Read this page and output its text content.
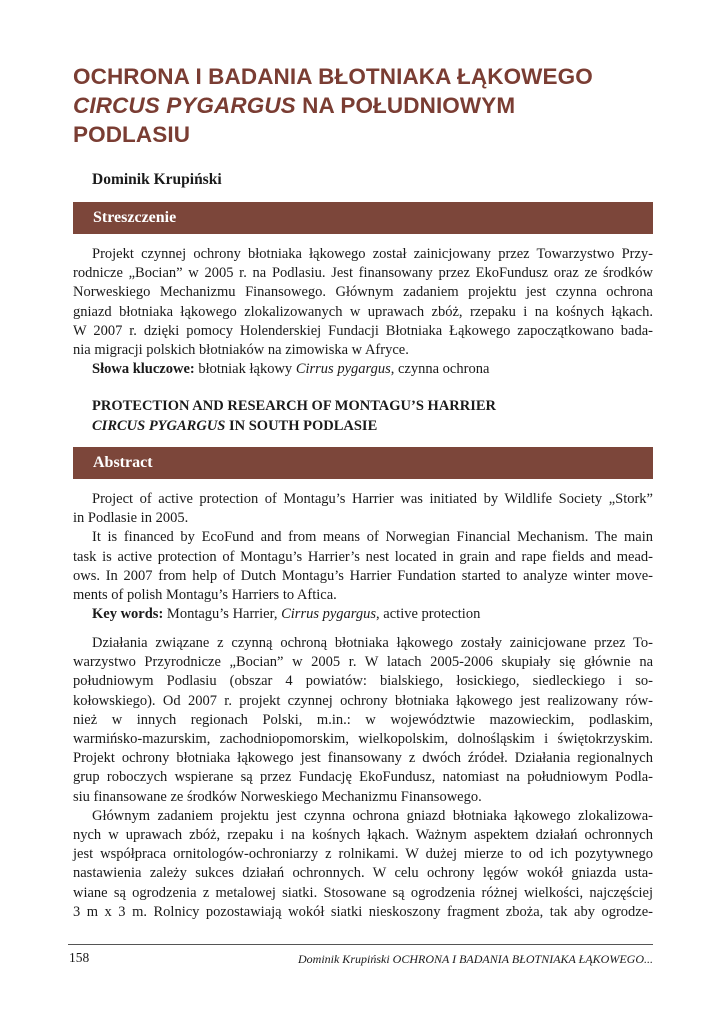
OCHRONA I BADANIA BŁOTNIAKA ŁĄKOWEGO
CIRCUS PYGARGUS NA POŁUDNIOWYM
PODLASIU
Dominik Krupiński
Streszczenie
Projekt czynnej ochrony błotniaka łąkowego został zainicjowany przez Towarzystwo Przy-
rodnicze „Bocian” w 2005 r. na Podlasiu. Jest finansowany przez EkoFundusz oraz ze środków
Norweskiego Mechanizmu Finansowego. Głównym zadaniem projektu jest czynna ochrona
gniazd błotniaka łąkowego zlokalizowanych w uprawach zbóż, rzepaku i na kośnych łąkach.
W 2007 r. dzięki pomocy Holenderskiej Fundacji Błotniaka Łąkowego zapoczątkowano bada-
nia migracji polskich błotniaków na zimowiska w Afryce.
Słowa kluczowe: błotniak łąkowy Cirrus pygargus, czynna ochrona
PROTECTION AND RESEARCH OF MONTAGU’S HARRIER
CIRCUS PYGARGUS IN SOUTH PODLASIE
Abstract
Project of active protection of Montagu’s Harrier was initiated by Wildlife Society „Stork”
in Podlasie in 2005.
It is financed by EcoFund and from means of Norwegian Financial Mechanism. The main
task is active protection of Montagu’s Harrier’s nest located in grain and rape fields and mead-
ows. In 2007 from help of Dutch Montagu’s Harrier Fundation started to analyze winter move-
ments of polish Montagu’s Harriers to Aftica.
Key words: Montagu’s Harrier, Cirrus pygargus, active protection
Działania związane z czynną ochroną błotniaka łąkowego zostały zainicjowane przez To-
warzystwo Przyrodnicze „Bocian” w 2005 r. W latach 2005-2006 skupiały się głównie na
południowym Podlasiu (obszar 4 powiatów: bialskiego, łosickiego, siedleckiego i so-
kołowskiego). Od 2007 r. projekt czynnej ochrony błotniaka łąkowego jest realizowany rów-
nież w innych regionach Polski, m.in.: w województwie mazowieckim, podlaskim,
warmińsko-mazurskim, zachodniopomorskim, wielkopolskim, dolnośląskim i świętokrzyskim.
Projekt ochrony błotniaka łąkowego jest finansowany z dwóch źródeł. Działania regionalnych
grup roboczych wspierane są przez Fundację EkoFundusz, natomiast na południowym Podla-
siu finansowane ze środków Norweskiego Mechanizmu Finansowego.
Głównym zadaniem projektu jest czynna ochrona gniazd błotniaka łąkowego zlokalizowa-
nych w uprawach zbóż, rzepaku i na kośnych łąkach. Ważnym aspektem działań ochronnych
jest współpraca ornitologów-ochroniarzy z rolnikami. W dużej mierze to od ich pozytywnego
nastawienia zależy sukces działań ochronnych. W celu ochrony lęgów wokół gniazda usta-
wiane są ogrodzenia z metalowej siatki. Stosowane są ogrodzenia różnej wielkości, najczęściej
3 m x 3 m. Rolnicy pozostawiają wokół siatki nieskoszony fragment zboża, tak aby ogrodze-
158	Dominik Krupiński OCHRONA I BADANIA BŁOTNIAKA ŁĄKOWEGO...
